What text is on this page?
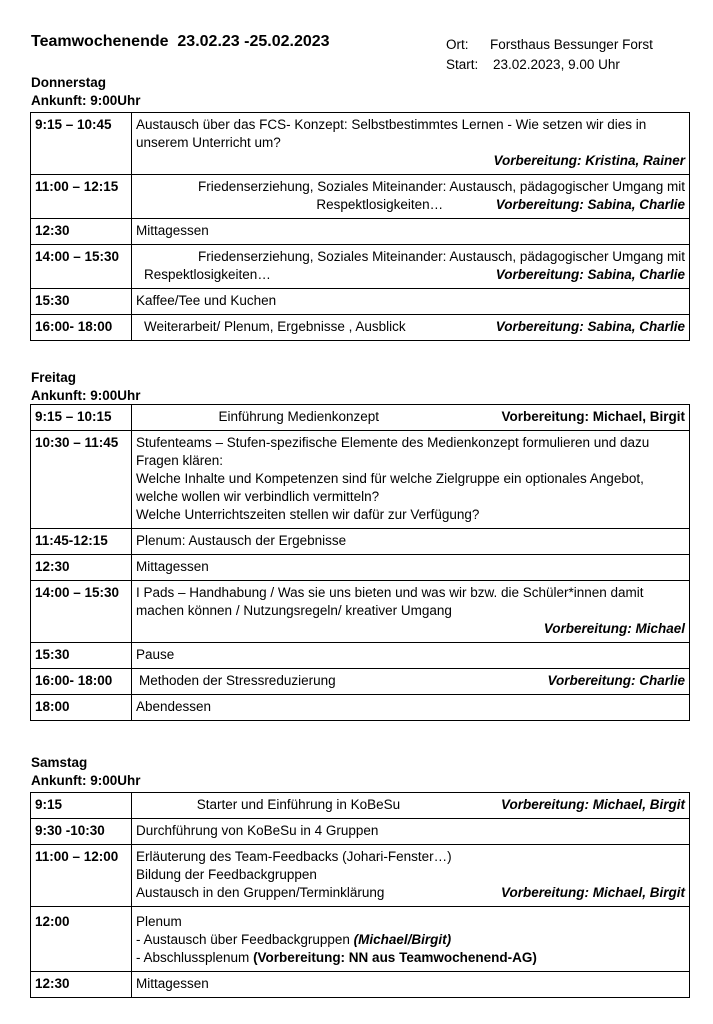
Teamwochenende  23.02.23 -25.02.2023	Ort:	Forsthaus Bessunger Forst
Start:	23.02.2023, 9.00 Uhr
Donnerstag
Ankunft: 9:00Uhr
9:15 – 10:45	Austausch über das FCS- Konzept: Selbstbestimmtes Lernen - Wie setzen wir dies in
unserem Unterricht um?
Vorbereitung: Kristina, Rainer

11:00 – 12:15	Friedenserziehung, Soziales Miteinander: Austausch, pädagogischer Umgang mit
Respektlosigkeiten… Vorbereitung: Sabina, Charlie

12:30	Mittagessen
14:00 – 15:30	Friedenserziehung, Soziales Miteinander: Austausch, pädagogischer Umgang mit
Respektlosigkeiten… Vorbereitung: Sabina, Charlie

15:30	Kaffee/Tee und Kuchen
16:00- 18:00	Weiterarbeit/ Plenum, Ergebnisse , Ausblick Vorbereitung: Sabina, Charlie
Freitag
Ankunft: 9:00Uhr
9:15 – 10:15	Einführung Medienkonzept Vorbereitung: Michael, Birgit

10:30 – 11:45	Stufenteams – Stufen-spezifische Elemente des Medienkonzept formulieren und dazu
Fragen klären:
Welche Inhalte und Kompetenzen sind für welche Zielgruppe ein optionales Angebot,
welche wollen wir verbindlich vermitteln?
Welche Unterrichtszeiten stellen wir dafür zur Verfügung?

11:45-12:15	Plenum: Austausch der Ergebnisse
12:30	Mittagessen
14:00 – 15:30	I Pads – Handhabung / Was sie uns bieten und was wir bzw. die Schüler*innen damit
machen können / Nutzungsregeln/ kreativer Umgang
Vorbereitung: Michael

15:30	Pause
16:00- 18:00	Methoden der Stressreduzierung Vorbereitung: Charlie

18:00	Abendessen
Samstag
Ankunft: 9:00Uhr
9:15	Starter und Einführung in KoBeSu Vorbereitung: Michael, Birgit

9:30 -10:30	Durchführung von KoBeSu in 4 Gruppen
11:00 – 12:00	Erläuterung des Team-Feedbacks (Johari-Fenster…)
Bildung der Feedbackgruppen
Austausch in den Gruppen/Terminklärung Vorbereitung: Michael, Birgit

12:00	Plenum
- Austausch über Feedbackgruppen (Michael/Birgit)
- Abschlussplenum (Vorbereitung: NN aus Teamwochenend-AG)

12:30	Mittagessen
